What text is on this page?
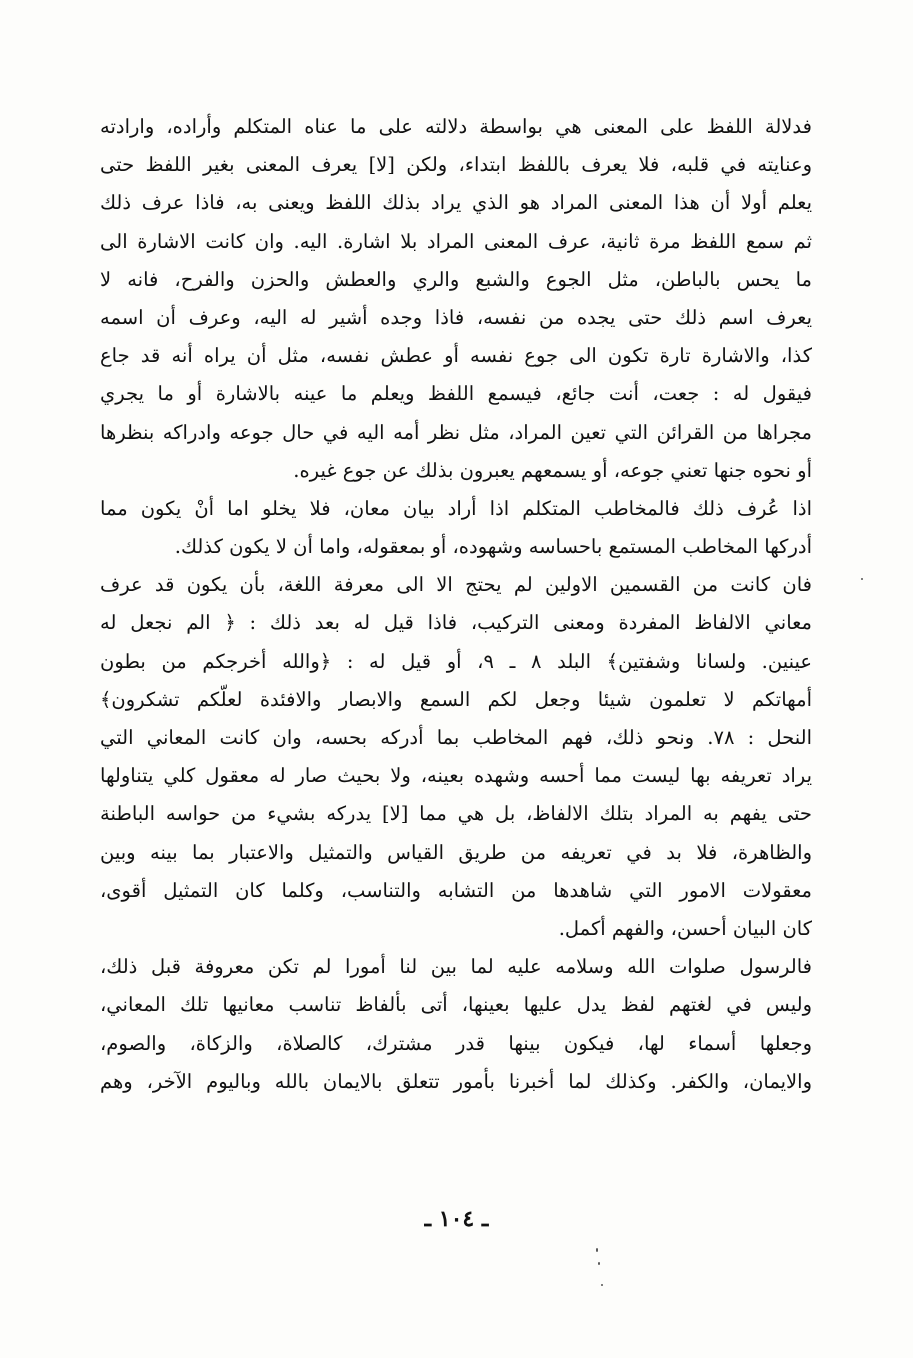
فدلالة اللفظ على المعنى هي بواسطة دلالته على ما عناه المتكلم وأراده، وارادته
وعنايته في قلبه، فلا يعرف باللفظ ابتداء، ولكن [لا] يعرف المعنى بغير اللفظ حتى
يعلم أولا أن هذا المعنى المراد هو الذي يراد بذلك اللفظ ويعنى به، فاذا عرف ذلك
ثم سمع اللفظ مرة ثانية، عرف المعنى المراد بلا اشارة. اليه. وان كانت الاشارة الى
ما يحس بالباطن، مثل الجوع والشبع والري والعطش والحزن والفرح، فانه لا
يعرف اسم ذلك حتى يجده من نفسه، فاذا وجده أشير له اليه، وعرف أن اسمه
كذا، والاشارة تارة تكون الى جوع نفسه أو عطش نفسه، مثل أن يراه أنه قد جاع
فيقول له : جعت، أنت جائع، فيسمع اللفظ ويعلم ما عينه بالاشارة أو ما يجري
مجراها من القرائن التي تعين المراد، مثل نظر أمه اليه في حال جوعه وادراكه بنظرها
أو نحوه جنها تعني جوعه، أو يسمعهم يعبرون بذلك عن جوع غيره.
اذا عُرف ذلك فالمخاطب المتكلم اذا أراد بيان معان، فلا يخلو اما أنْ يكون مما
أدركها المخاطب المستمع باحساسه وشهوده، أو بمعقوله، واما أن لا يكون كذلك.
فان كانت من القسمين الاولين لم يحتج الا الى معرفة اللغة، بأن يكون قد عرف
معاني الالفاظ المفردة ومعنى التركيب، فاذا قيل له بعد ذلك : ﴿ الم نجعل له
عينين. ولسانا وشفتين﴾ البلد ٨ ـ ٩، أو قيل له : ﴿والله أخرجكم من بطون
أمهاتكم لا تعلمون شيئا وجعل لكم السمع والابصار والافئدة لعلّكم تشكرون﴾
النحل : ٧٨. ونحو ذلك، فهم المخاطب بما أدركه بحسه، وان كانت المعاني التي
يراد تعريفه بها ليست مما أحسه وشهده بعينه، ولا بحيث صار له معقول كلي يتناولها
حتى يفهم به المراد بتلك الالفاظ، بل هي مما [لا] يدركه بشيء من حواسه الباطنة
والظاهرة، فلا بد في تعريفه من طريق القياس والتمثيل والاعتبار بما بينه وبين
معقولات الامور التي شاهدها من التشابه والتناسب، وكلما كان التمثيل أقوى،
كان البيان أحسن، والفهم أكمل.
فالرسول صلوات الله وسلامه عليه لما بين لنا أمورا لم تكن معروفة قبل ذلك،
وليس في لغتهم لفظ يدل عليها بعينها، أتى بألفاظ تناسب معانيها تلك المعاني،
وجعلها أسماء لها، فيكون بينها قدر مشترك، كالصلاة، والزكاة، والصوم،
والايمان، والكفر. وكذلك لما أخبرنا بأمور تتعلق بالايمان بالله وباليوم الآخر، وهم
ـ ١٠٤ ـ
